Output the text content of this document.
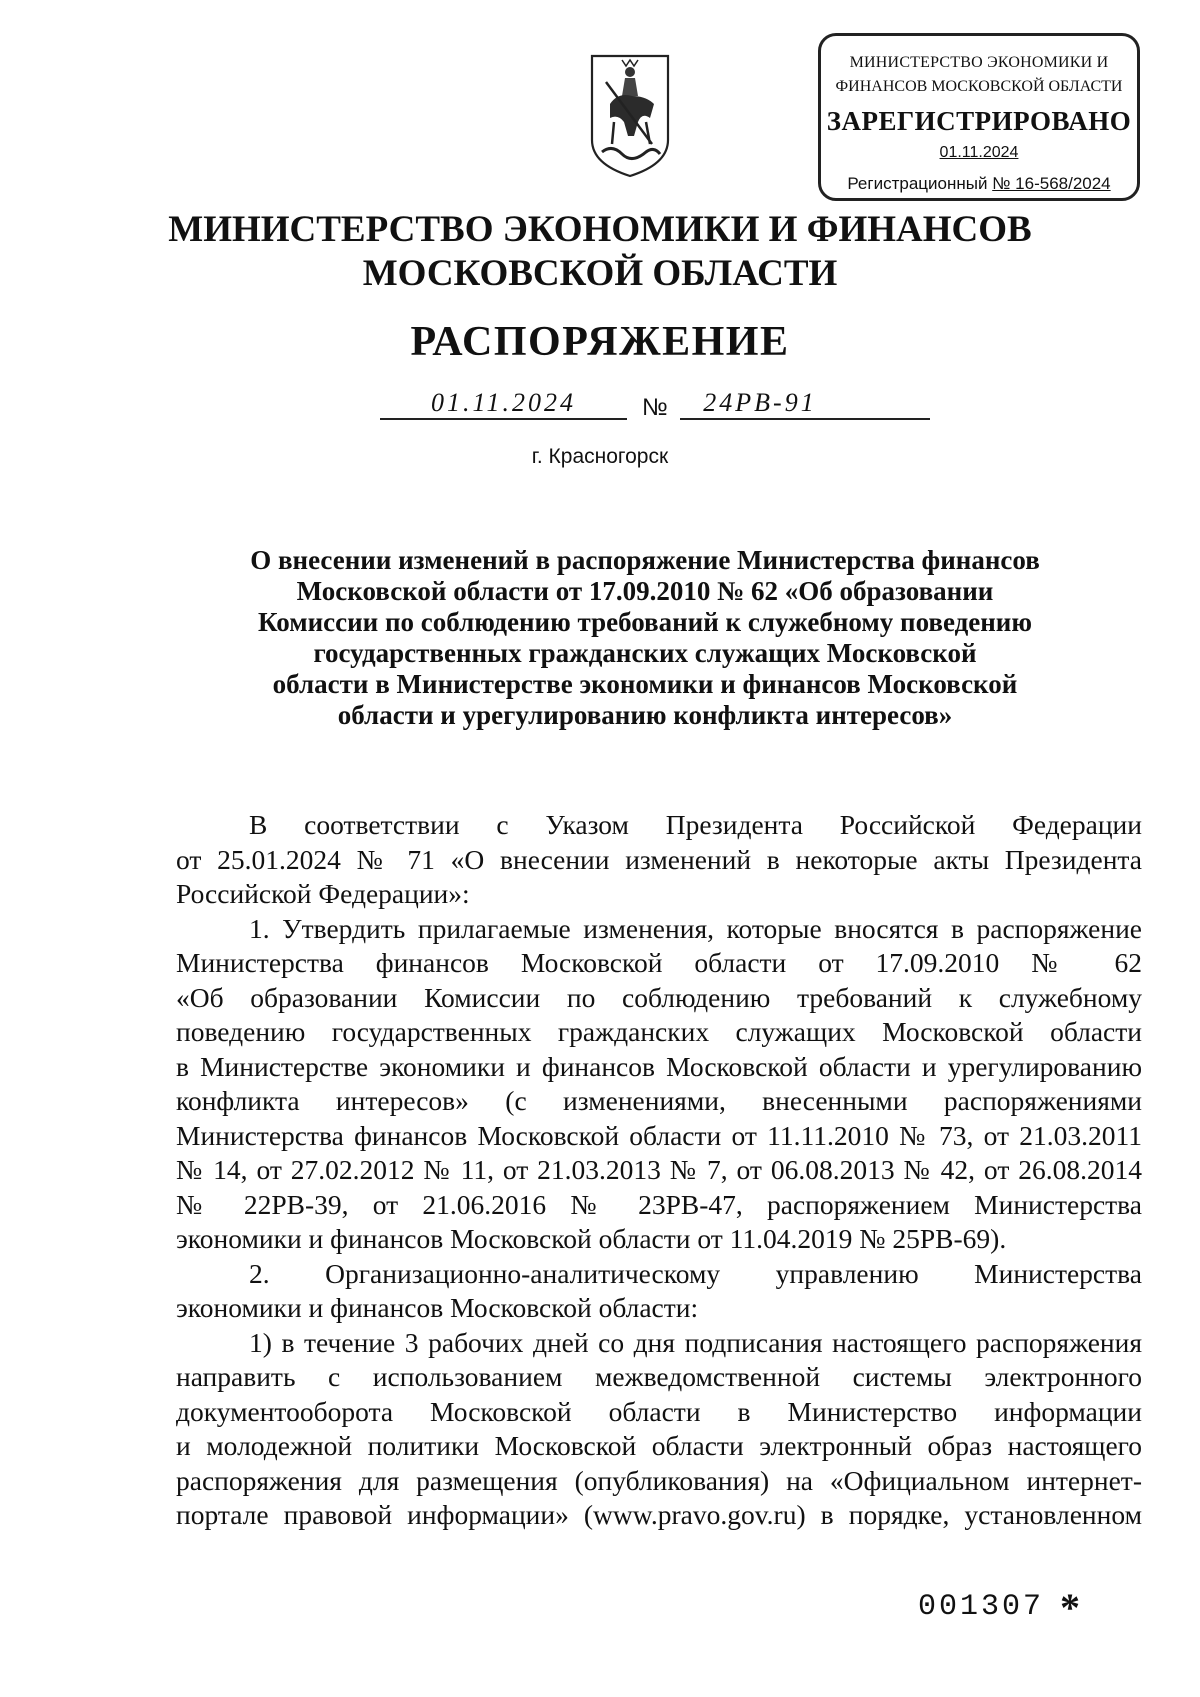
МИНИСТЕРСТВО ЭКОНОМИКИ И
ФИНАНСОВ МОСКОВСКОЙ ОБЛАСТИ
ЗАРЕГИСТРИРОВАНО
01.11.2024
Регистрационный № 16-568/2024
МИНИСТЕРСТВО ЭКОНОМИКИ И ФИНАНСОВ
МОСКОВСКОЙ ОБЛАСТИ
РАСПОРЯЖЕНИЕ
01.11.2024	№	24РВ-91
г. Красногорск
О внесении изменений в распоряжение Министерства финансов
Московской области от 17.09.2010 № 62 «Об образовании
Комиссии по соблюдению требований к служебному поведению
государственных гражданских служащих Московской
области в Министерстве экономики и финансов Московской
области и урегулированию конфликта интересов»
В соответствии с Указом Президента Российской Федерации
от 25.01.2024 № 71 «О внесении изменений в некоторые акты Президента
Российской Федерации»:
1. Утвердить прилагаемые изменения, которые вносятся в распоряжение
Министерства финансов Московской области от 17.09.2010 № 62
«Об образовании Комиссии по соблюдению требований к служебному
поведению государственных гражданских служащих Московской области
в Министерстве экономики и финансов Московской области и урегулированию
конфликта интересов» (с изменениями, внесенными распоряжениями
Министерства финансов Московской области от 11.11.2010 № 73, от 21.03.2011
№ 14, от 27.02.2012 № 11, от 21.03.2013 № 7, от 06.08.2013 № 42, от 26.08.2014
№ 22РВ-39, от 21.06.2016 № 23РВ-47, распоряжением Министерства
экономики и финансов Московской области от 11.04.2019 № 25РВ-69).
2. Организационно-аналитическому управлению Министерства
экономики и финансов Московской области:
1) в течение 3 рабочих дней со дня подписания настоящего распоряжения
направить с использованием межведомственной системы электронного
документооборота Московской области в Министерство информации
и молодежной политики Московской области электронный образ настоящего
распоряжения для размещения (опубликования) на «Официальном интернет-
портале правовой информации» (www.pravo.gov.ru) в порядке, установленном
001307 *
